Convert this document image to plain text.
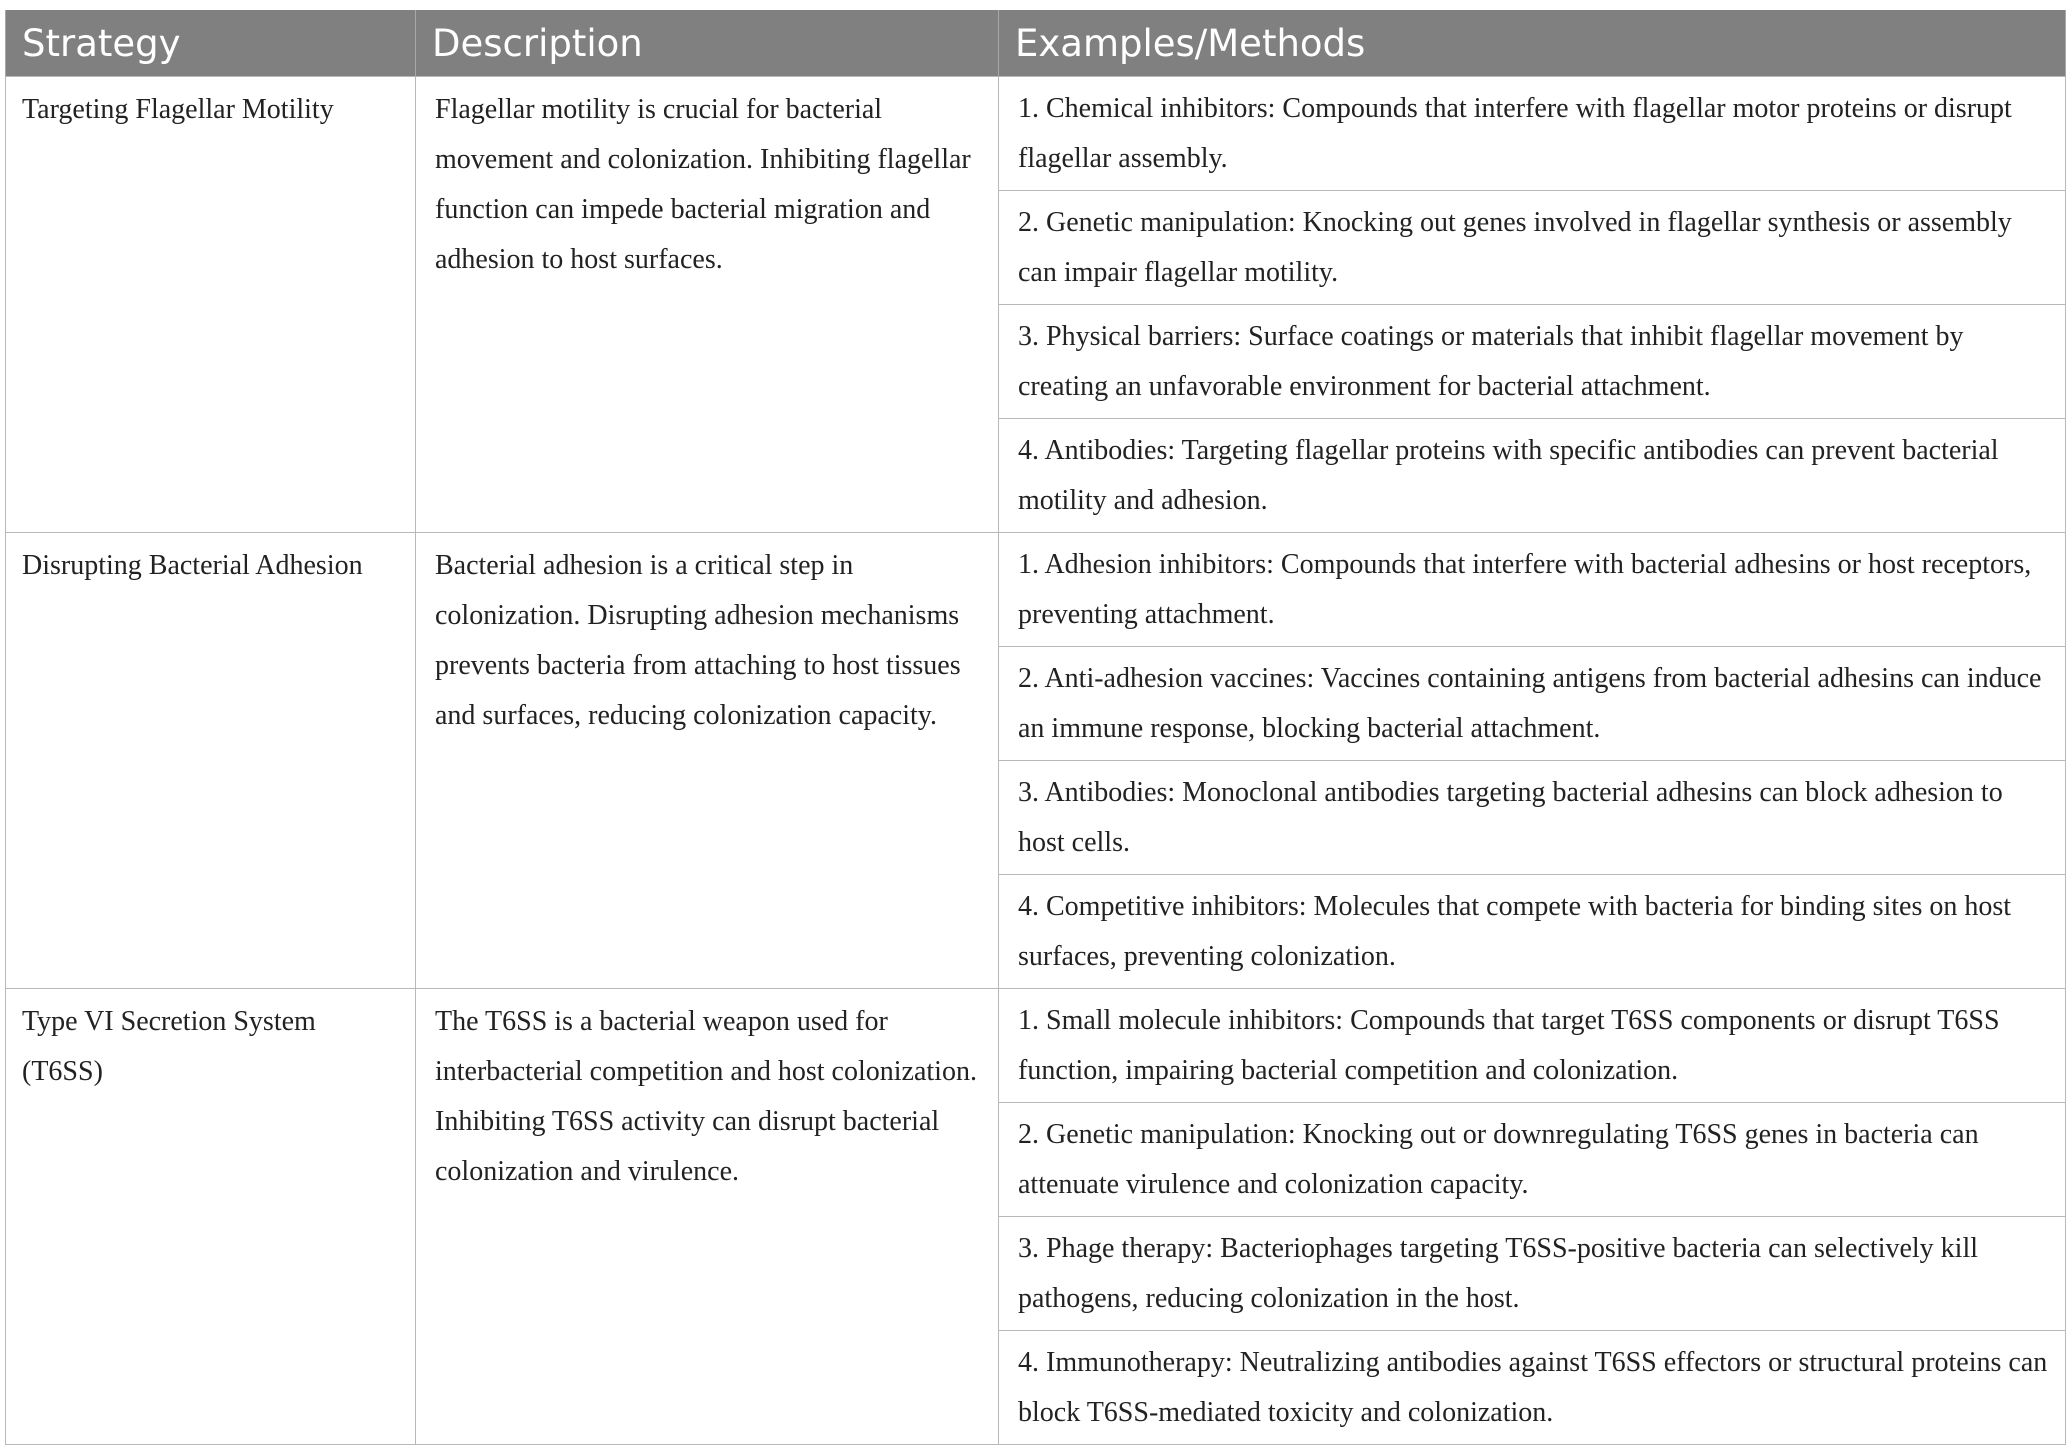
Strategy	Description	Examples/Methods
Targeting Flagellar Motility	Flagellar motility is crucial for bacterial movement and colonization. Inhibiting flagellar function can impede bacterial migration and adhesion to host surfaces.	1. Chemical inhibitors: Compounds that interfere with flagellar motor proteins or disrupt flagellar assembly.
		2. Genetic manipulation: Knocking out genes involved in flagellar synthesis or assembly can impair flagellar motility.
		3. Physical barriers: Surface coatings or materials that inhibit flagellar movement by creating an unfavorable environment for bacterial attachment.
		4. Antibodies: Targeting flagellar proteins with specific antibodies can prevent bacterial motility and adhesion.
Disrupting Bacterial Adhesion	Bacterial adhesion is a critical step in colonization. Disrupting adhesion mechanisms prevents bacteria from attaching to host tissues and surfaces, reducing colonization capacity.	1. Adhesion inhibitors: Compounds that interfere with bacterial adhesins or host receptors, preventing attachment.
		2. Anti-adhesion vaccines: Vaccines containing antigens from bacterial adhesins can induce an immune response, blocking bacterial attachment.
		3. Antibodies: Monoclonal antibodies targeting bacterial adhesins can block adhesion to host cells.
		4. Competitive inhibitors: Molecules that compete with bacteria for binding sites on host surfaces, preventing colonization.
Type VI Secretion System (T6SS)	The T6SS is a bacterial weapon used for interbacterial competition and host colonization. Inhibiting T6SS activity can disrupt bacterial colonization and virulence.	1. Small molecule inhibitors: Compounds that target T6SS components or disrupt T6SS function, impairing bacterial competition and colonization.
		2. Genetic manipulation: Knocking out or downregulating T6SS genes in bacteria can attenuate virulence and colonization capacity.
		3. Phage therapy: Bacteriophages targeting T6SS-positive bacteria can selectively kill pathogens, reducing colonization in the host.
		4. Immunotherapy: Neutralizing antibodies against T6SS effectors or structural proteins can block T6SS-mediated toxicity and colonization.
